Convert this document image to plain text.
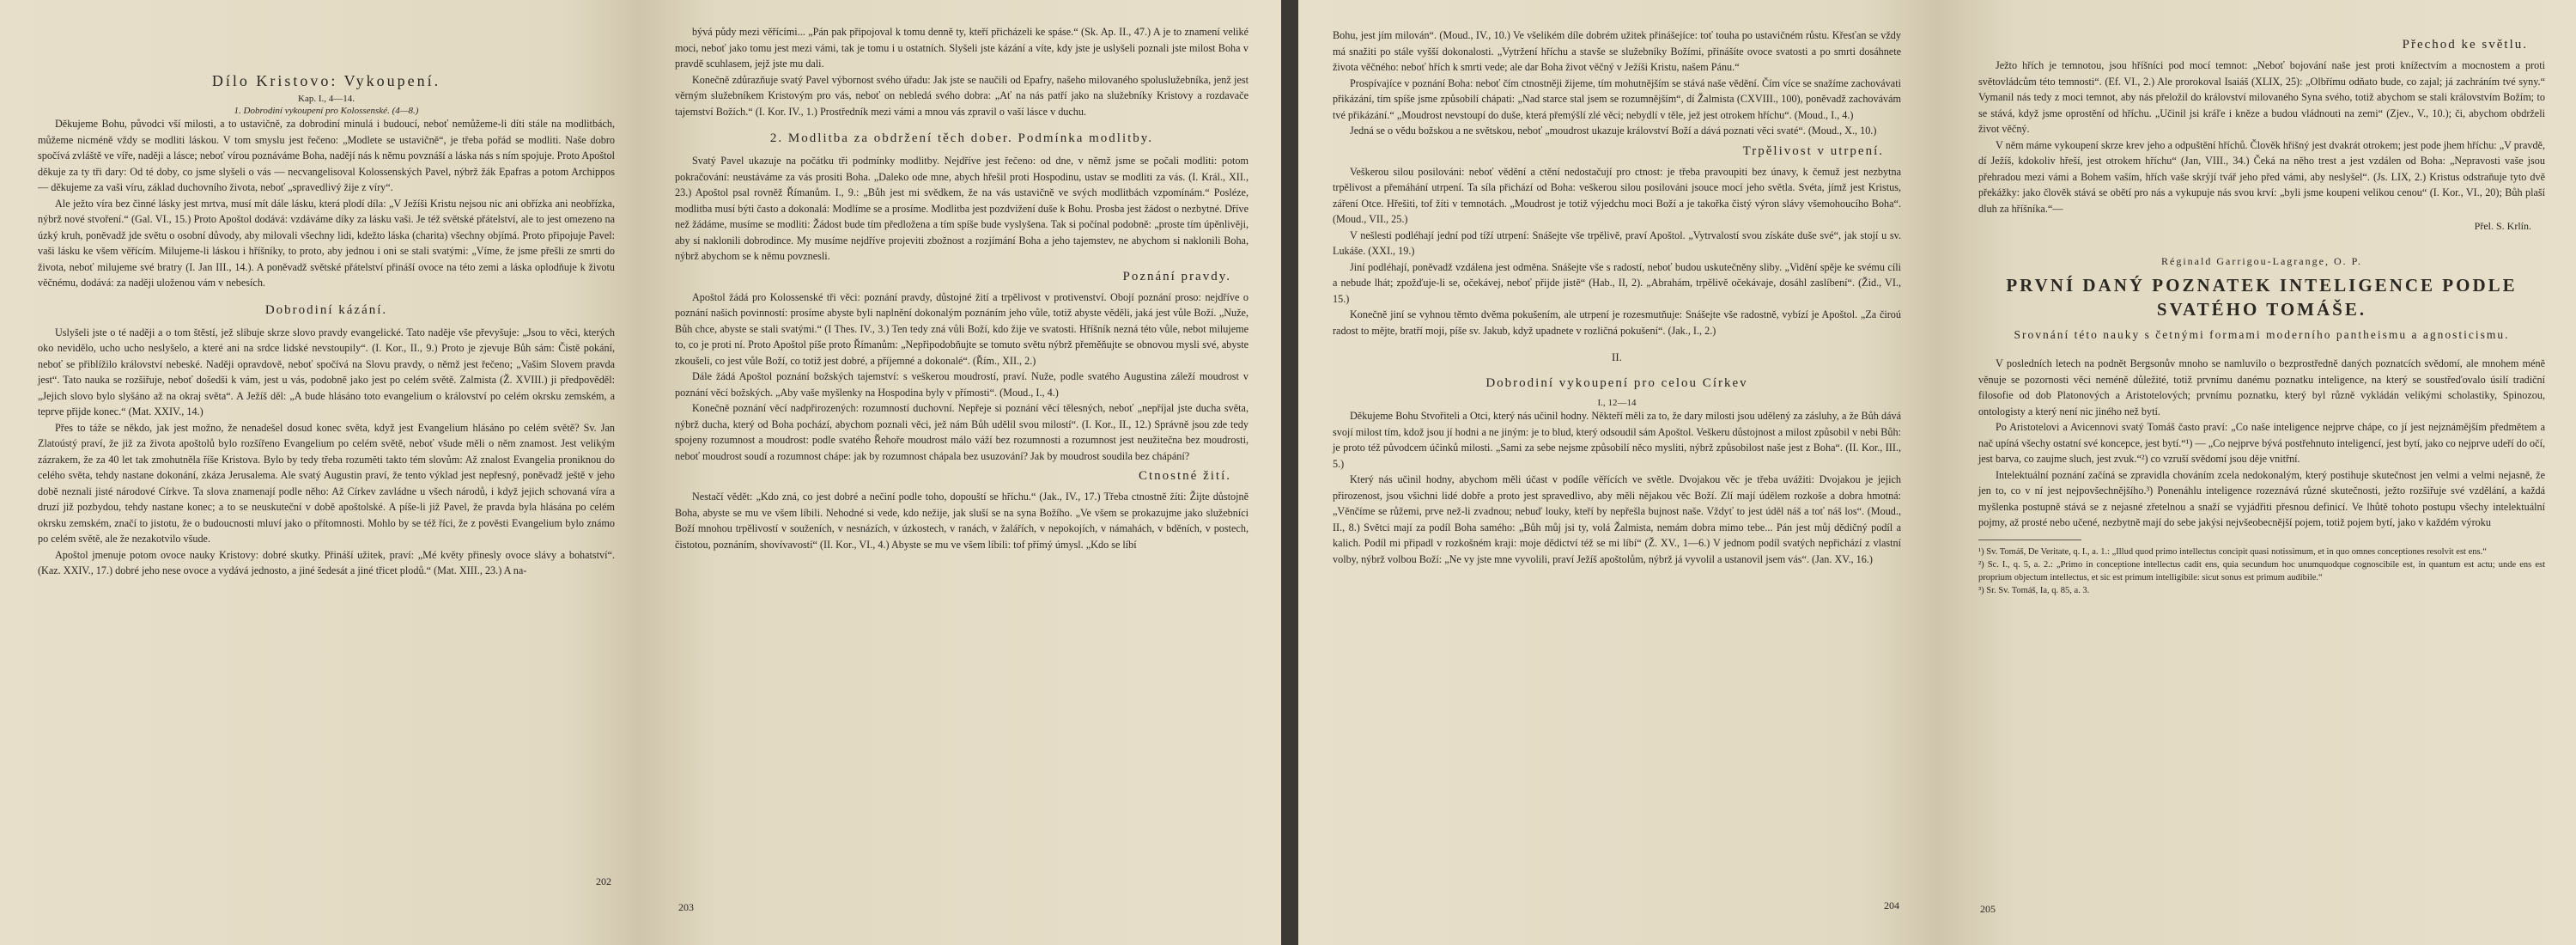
Dílo Kristovo: Vykoupení.

Kap. I., 4—14.

1. Dobrodiní vykoupení pro Kolossenské. (4—8.)

Děkujeme Bohu, původci vší milosti, a to ustavičně, za dobrodiní minulá i budoucí, neboť nemůžeme-li díti stále na modlitbách, můžeme nicméně vždy se modliti láskou. V tom smyslu jest řečeno: „Modlete se ustavičně“, je třeba pořád se modliti. Naše dobro spočívá zvláště ve víře, naději a lásce; neboť vírou poznáváme Boha, nadějí nás k němu povznáší a láska nás s ním spojuje. Proto Apoštol děkuje za ty tři dary: Od té doby, co jsme slyšeli o vás — necvangelisoval Kolossenských Pavel, nýbrž žák Epafras a potom Archippos — děkujeme za vaši víru, základ duchovního života, neboť „spravedlivý žije z víry“.

Ale ježto víra bez činné lásky jest mrtva, musí mít dále lásku, která plodí díla: „V Ježíši Kristu nejsou nic ani obřízka ani neobřízka, nýbrž nové stvoření.“ (Gal. VI., 15.) Proto Apoštol dodává: vzdáváme díky za lásku vaši. Je též světské přátelství, ale to jest omezeno na úzký kruh, poněvadž jde světu o osobní důvody, aby milovali všechny lidi, kdežto láska (charita) všechny objímá. Proto připojuje Pavel: vaši lásku ke všem věřícím. Milujeme-li láskou i hříšníky, to proto, aby jednou i oni se stali svatými: „Víme, že jsme přešli ze smrti do života, neboť milujeme své bratry (I. Jan III., 14.). A poněvadž světské přátelství přináší ovoce na této zemi a láska oplodňuje k životu věčnému, dodává: za naději uloženou vám v nebesích.

Dobrodiní kázání.

Uslyšeli jste o té naději a o tom štěstí, jež slibuje skrze slovo pravdy evangelické. Tato naděje vše převyšuje: „Jsou to věci, kterých oko nevidělo, ucho ucho neslyšelo, a které ani na srdce lidské nevstoupily“. (I. Kor., II., 9.) Proto je zjevuje Bůh sám: Čistě pokání, neboť se přiblížilo království nebeské. Naději opravdově, neboť spočívá na Slovu pravdy, o němž jest řečeno; „Vašim Slovem pravda jest“. Tato nauka se rozšiřuje, neboť došedši k vám, jest u vás, podobně jako jest po celém světě. Zalmista (Ž. XVIII.) ji předpověděl: „Jejich slovo bylo slyšáno až na okraj světa“. A Ježíš děl: „A bude hlásáno toto evangelium o království po celém okrsku zemském, a teprve přijde konec.“ (Mat. XXIV., 14.)

Přes to táže se někdo, jak jest možno, že nenadešel dosud konec světa, když jest Evangelium hlásáno po celém světě? Sv. Jan Zlatoústý praví, že již za života apoštolů bylo rozšířeno Evangelium po celém světě, neboť všude měli o něm znamost. Jest velikým zázrakem, že za 40 let tak zmohutněla říše Kristova. Bylo by tedy třeba rozuměti takto tém slovům: Až znalost Evangelia proniknou do celého světa, tehdy nastane dokonání, zkáza Jerusalema. Ale svatý Augustin praví, že tento výklad jest nepřesný, poněvadž ještě v jeho době neznali jisté národové Církve. Ta slova znamenají podle něho: Až Církev zavládne u všech národů, i když jejich schovaná víra a druzí již pozbydou, tehdy nastane konec; a to se neuskuteční v době apoštolské. A píše-li již Pavel, že pravda byla hlásána po celém okrsku zemském, značí to jistotu, že o budoucnosti mluví jako o přítomnosti. Mohlo by se též říci, že z pověsti Evangelium bylo známo po celém světě, ale že nezakotvilo všude.

Apoštol jmenuje potom ovoce nauky Kristovy: dobré skutky. Přináší užitek, praví: „Mé květy přinesly ovoce slávy a bohatství“. (Kaz. XXIV., 17.) dobré jeho nese ovoce a vydává jednosto, a jiné šedesát a jiné třicet plodů.“ (Mat. XIII., 23.) A na-

202

bývá půdy mezi věřícími... „Pán pak připojoval k tomu denně ty, kteří přicházeli ke spáse.“ (Sk. Ap. II., 47.) A je to znamení veliké moci, neboť jako tomu jest mezi vámi, tak je tomu i u ostatních. Slyšeli jste kázání a víte, kdy jste je uslyšeli poznali jste milost Boha v pravdě scuhlasem, jejž jste mu dali.

Konečně zdůrazňuje svatý Pavel výbornost svého úřadu: Jak jste se naučili od Epafry, našeho milovaného spoluslužebníka, jenž jest věrným služebníkem Kristovým pro vás, neboť on nebledá svého dobra: „Ať na nás patří jako na služebníky Kristovy a rozdavače tajemství Božích.“ (I. Kor. IV., 1.) Prostředník mezi vámi a mnou vás zpravil o vaší lásce v duchu.

2. Modlitba za obdržení těch dober. Podmínka modlitby.

Svatý Pavel ukazuje na počátku tři podmínky modlitby. Nejdříve jest řečeno: od dne, v němž jsme se počali modliti: potom pokračování: neustáváme za vás prositi Boha. „Daleko ode mne, abych hřešil proti Hospodinu, ustav se modliti za vás. (I. Král., XII., 23.) Apoštol psal rovněž Římanům. I., 9.: „Bůh jest mi svědkem, že na vás ustavičně ve svých modlitbách vzpomínám.“ Posléze, modlitba musí býti často a dokonalá: Modlíme se a prosíme. Modlitba jest pozdvižení duše k Bohu. Prosba jest žádost o nezbytné. Dříve než žádáme, musíme se modliti: Žádost bude tím předložena a tím spíše bude vyslyšena. Tak si počínal podobně: „proste tím úpěnlivěji, aby si naklonili dobrodince. My musíme nejdříve projeviti zbožnost a rozjímání Boha a jeho tajemstev, ne abychom si naklonili Boha, nýbrž abychom se k němu povznesli.

Poznání pravdy.

Apoštol žádá pro Kolossenské tři věci: poznání pravdy, důstojné žití a trpělivost v protivenství. Obojí poznání proso: nejdříve o poznání našich povinností: prosíme abyste byli naplnění dokonalým poznáním jeho vůle, totiž abyste věděli, jaká jest vůle Boží. „Nuže, Bůh chce, abyste se stali svatými.“ (I Thes. IV., 3.) Ten tedy zná vůli Boží, kdo žije ve svatosti. Hříšník nezná této vůle, nebot milujeme to, co je proti ní. Proto Apoštol píše proto Římanům: „Nepřipodobňujte se tomuto světu nýbrž přeměňujte se obnovou mysli své, abyste zkoušeli, co jest vůle Boží, co totiž jest dobré, a příjemné a dokonalé“. (Řím., XII., 2.)

Dále žádá Apoštol poznání božských tajemství: s veškerou moudrostí, praví. Nuže, podle svatého Augustina záleží moudrost v poznání věcí božských. „Aby vaše myšlenky na Hospodina byly v přímosti“. (Moud., I., 4.)

Konečně poznání věcí nadpřirozených: rozumností duchovní. Nepřeje si poznání věcí tělesných, neboť „nepříjal jste ducha světa, nýbrž ducha, který od Boha pochází, abychom poznali věci, jež nám Bůh udělil svou milostí“. (I. Kor., II., 12.) Správně jsou zde tedy spojeny rozumnost a moudrost: podle svatého Řehoře moudrost málo váží bez rozumnosti a rozumnost jest neužitečna bez moudrosti, neboť moudrost soudí a rozumnost chápe: jak by rozumnost chápala bez usuzování? Jak by moudrost soudila bez chápání?

Ctnostné žití.

Nestačí vědět: „Kdo zná, co jest dobré a nečiní podle toho, dopouští se hříchu.“ (Jak., IV., 17.) Třeba ctnostně žíti: Žijte důstojně Boha, abyste se mu ve všem líbili. Nehodné si vede, kdo nežije, jak sluší se na syna Božího. „Ve všem se prokazujme jako služebníci Boží mnohou trpělivostí v souženích, v nesnázích, v úzkostech, v ranách, v žalářích, v nepokojích, v námahách, v bděních, v postech, čistotou, poznáním, shovívavostí“ (II. Kor., VI., 4.) Abyste se mu ve všem líbili: tof přímý úmysl. „Kdo se líbí

203

Bohu, jest jím milován“. (Moud., IV., 10.) Ve všelikém díle dobrém užitek přinášejíce: toť touha po ustavičném růstu. Křesťan se vždy má snažiti po stále vyšší dokonalosti. „Vytržení hříchu a stavše se služebníky Božími, přinášíte ovoce svatosti a po smrti dosáhnete života věčného: neboť hřích k smrti vede; ale dar Boha život věčný v Ježíši Kristu, našem Pánu.“

Prospívajíce v poznání Boha: neboť čím ctnostněji žijeme, tím mohutnějším se stává naše vědění. Čím více se snažíme zachovávati přikázání, tím spíše jsme způsobilí chápati: „Nad starce stal jsem se rozumnějším“, dí Žalmista (CXVIII., 100), poněvadž zachovávám tvé přikázání.“ „Moudrost nevstoupí do duše, která přemýšlí zlé věci; nebydlí v těle, jež jest otrokem hříchu“. (Moud., I., 4.)

Jedná se o vědu božskou a ne světskou, neboť „moudrost ukazuje království Boží a dává poznati věci svaté“. (Moud., X., 10.)

Trpělivost v utrpení.

Veškerou silou posilováni: neboť vědění a ctění nedostačují pro ctnost: je třeba pravoupiti bez únavy, k čemuž jest nezbytna trpělivost a přemáhání utrpení. Ta síla přichází od Boha: veškerou silou posilováni jsouce mocí jeho světla. Svéta, jímž jest Kristus, záření Otce. Hřešiti, tof žíti v temnotách. „Moudrost je totiž výjedchu moci Boží a je takořka čistý výron slávy všemohoucího Boha“. (Moud., VII., 25.)

V nešlesti podléhají jední pod tíží utrpení: Snášejte vše trpělivě, praví Apoštol. „Vytrvalostí svou získáte duše své“, jak stojí u sv. Lukáše. (XXI., 19.)

Jiní podléhají, poněvadž vzdálena jest odměna. Snášejte vše s radostí, neboť budou uskutečněny sliby. „Vidění spěje ke svému cíli a nebude lhát; zpožďuje-li se, očekávej, neboť přijde jistě“ (Hab., II, 2). „Abrahám, trpělivě očekávaje, dosáhl zaslíbení“. (Žid., VI., 15.)

Konečně jiní se vyhnou těmto dvěma pokušením, ale utrpení je rozesmutňuje: Snášejte vše radostně, vybízí je Apoštol. „Za čiroú radost to mějte, bratří moji, píše sv. Jakub, když upadnete v rozličná pokušení“. (Jak., I., 2.)

II.

Dobrodiní vykoupení pro celou Církev

I., 12—14

Děkujeme Bohu Stvořiteli a Otci, který nás učinil hodny. Někteří měli za to, že dary milosti jsou udělený za zásluhy, a že Bůh dává svojí milost tím, kdož jsou jí hodni a ne jiným: je to blud, který odsoudil sám Apoštol. Veškeru důstojnost a milost způsobil v nebi Bůh: je proto též původcem účinků milosti. „Sami za sebe nejsme způsobilí něco mysliti, nýbrž způsobilost naše jest z Boha“. (II. Kor., III., 5.)

Který nás učinil hodny, abychom měli účast v podíle věřících ve světle. Dvojakou věc je třeba uvážiti: Dvojakou je jejich přirozenost, jsou všichni lidé dobře a proto jest spravedlivo, aby měli nějakou věc Boží. Zlí mají údělem rozkoše a dobra hmotná: „Věnčíme se růžemi, prve než-li zvadnou; nebuď louky, kteří by nepřešla bujnost naše. Vždyť to jest úděl náš a toť náš los“. (Moud., II., 8.) Světci mají za podíl Boha samého: „Bůh můj jsi ty, volá Žalmista, nemám dobra mimo tebe... Pán jest můj dědičný podíl a kalich. Podíl mi připadl v rozkošném kraji: moje dědictví též se mi líbí“ (Ž. XV., 1—6.) V jednom podíl svatých nepřichází z vlastní volby, nýbrž volbou Boží: „Ne vy jste mne vyvolili, praví Ježíš apoštolům, nýbrž já vyvolil a ustanovil jsem vás“. (Jan. XV., 16.)

204

Přechod ke světlu.

Ježto hřích je temnotou, jsou hříšníci pod mocí temnot: „Neboť bojování naše jest proti knížectvím a mocnostem a proti světovládcům této temnosti“. (Ef. VI., 2.) Ale prorokoval Isaiáš (XLIX, 25): „Olbřímu odňato bude, co zajal; já zachráním tvé syny.“ Vymanil nás tedy z moci temnot, aby nás přeložil do království milovaného Syna svého, totiž abychom se stali královstvím Božím; to se stává, když jsme oprostění od hříchu. „Učinil jsi kráľe i kněze a budou vládnouti na zemi“ (Zjev., V., 10.); či, abychom obdrželi život věčný.

V něm máme vykoupení skrze krev jeho a odpuštění hříchů. Člověk hřišný jest dvakrát otrokem; jest pode jhem hříchu: „V pravdě, dí Ježíš, kdokoliv hřeší, jest otrokem hříchu“ (Jan, VIII., 34.) Čeká na něho trest a jest vzdálen od Boha: „Nepravosti vaše jsou přehradou mezi vámi a Bohem vaším, hřích vaše skrýjí tvář jeho před vámi, aby neslyšel“. (Js. LIX, 2.) Kristus odstraňuje tyto dvě překážky: jako člověk stává se obětí pro nás a vykupuje nás svou krví: „byli jsme koupeni velikou cenou“ (I. Kor., VI., 20); Bůh plaší dluh za hříšníka.“—

Přel. S. Krlín.

Réginald Garrigou-Lagrange, O. P.

PRVNÍ DANÝ POZNATEK INTELIGENCE PODLE SVATÉHO TOMÁŠE.

Srovnání této nauky s četnými formami moderního pantheismu a agnosticismu.

V posledních letech na podnět Bergsonův mnoho se namluvilo o bezprostředně daných poznatcích svědomí, ale mnohem méně věnuje se pozornosti věci neméně důležité, totiž prvnímu danému poznatku inteligence, na který se soustřeďovalo úsilí tradiční filosofie od dob Platonových a Aristotelových; prvnímu poznatku, který byl různě vykládán velikými scholastiky, Spinozou, ontologisty a který není nic jiného než bytí.

Po Aristotelovi a Avicennovi svatý Tomáš často praví: „Co naše inteligence nejprve chápe, co jí jest nejznámějším předmětem a nač upíná všechy ostatní své koncepce, jest bytí.“¹) — „Co nejprve bývá postřehnuto inteligencí, jest bytí, jako co nejprve udeří do očí, jest barva, co zaujme sluch, jest zvuk.“²) co vzruší svědomí jsou děje vnitřní.

Intelektuální poznání začíná se zpravidla chováním zcela nedokonalým, který postihuje skutečnost jen velmi a velmi nejasně, že jen to, co v ní jest nejpovšechnějšího.³) Ponenáhlu inteligence rozeznává různé skutečnosti, ježto rozšiřuje své vzdělání, a každá myšlenka postupně stává se z nejasné zřetelnou a snaží se vyjádřiti přesnou definicí. Ve lhůtě tohoto postupu všechy intelektuální pojmy, až prosté nebo učené, nezbytně mají do sebe jakýsi nejvšeobecnější pojem, totiž pojem bytí, jako v každém výroku

¹) Sv. Tomáš, De Veritate, q. I., a. 1.: „Illud quod primo intellectus concipit quasi notissimum, et in quo omnes conceptiones resolvit est ens.“

²) Sc. I., q. 5, a. 2.: „Primo in conceptione intellectus cadit ens, quia secundum hoc unumquodque cognoscibile est, in quantum est actu; unde ens est proprium objectum intellectus, et sic est primum intelligibile: sicut sonus est primum audibile.“

³) Sr. Sv. Tomáš, Ia, q. 85, a. 3.

205
